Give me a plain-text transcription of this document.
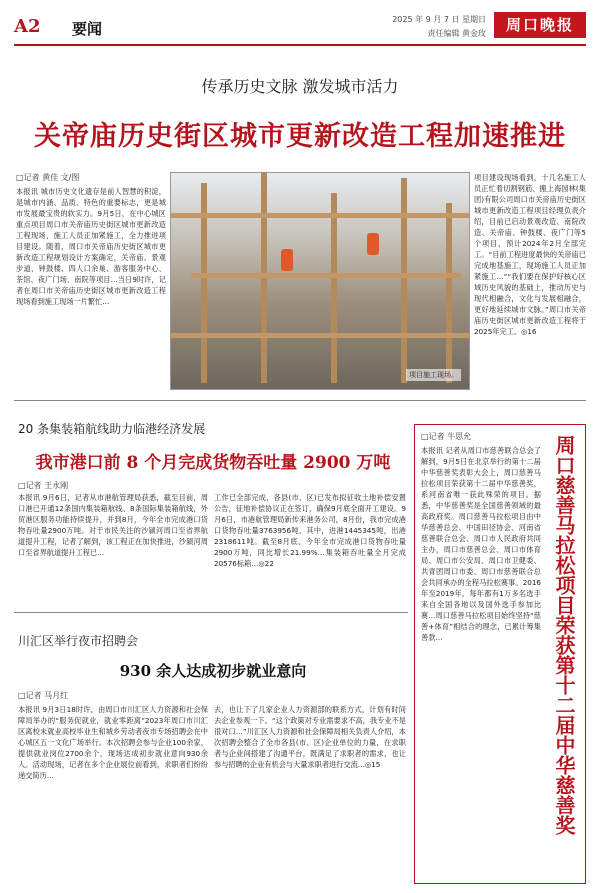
A2 要闻
2025 年 9 月 7 日 星期日
责任编辑 黄金玫	周口晚报
传承历史文脉 激发城市活力
关帝庙历史街区城市更新改造工程加速推进
□记者 黄佳 文/图
本报讯 城市历史文化遗存是前人智慧的积淀，是城市内涵、品质、特色的重要标志，更是城市发展最宝贵的软实力。9月5日，在中心城区重点项目周口市关帝庙历史街区城市更新改造工程现场，施工人员正加紧施工，全力推进项目建设。随着，周口市关帝庙历史街区城市更新改造工程规划设计方案确定，关帝庙、景观步道、钟鼓楼、四人口余巢、游客服务中心、茶馆、夜广门场、南院等项目…当日9时许，记者在周口市关帝庙历史街区城市更新改造工程现场看到施工现场一片繁忙…
项目施工现场。
项目建设现场看到，十几名施工人员正忙着切割钢筋、搬上海园林(集团)有限公司周口市关帝庙历史街区城市更新改造工程项目经理负责介绍，目前已启动景观改造、南院改造、关帝庙、钟鼓楼、夜广门等5个项目，预计2024年2月全部完工。“目前工程进度最快的关帝庙已完成地基施工，现场施工人员正加紧施工…”“我们要在保护好核心区域历史风貌的基础上，推动历史与现代相融合，文化与发展相融合，更好地延续城市文脉。”周口市关帝庙历史街区城市更新改造工程将于2025年完工。◎16
20 条集装箱航线助力临港经济发展
我市港口前 8 个月完成货物吞吐量 2900 万吨
□记者 王永刚
本报讯 9月6日，记者从市港航管理局获悉，截至目前，周口港已开通12条国内集装箱航线、8条国际集装箱航线，外贸港区服务功能持续提升，并到8月，今年全市完成港口货物吞吐量2900万吨。对于市民关注的沙颍河周口至省界航道提升工程，记者了解到，该工程正在加快推进，沙颍河周口至省界航道提升工程已…
工作已全部完成，各县(市、区)已发布拟征收土地补偿安置公告，征地补偿协议正在签订，确保9月底全面开工建设。9月6日，市港航管理局新传来港务公司，8月份，我市完成港口货物吞吐量3763956吨，其中，进港1445345吨，出港2318611吨。截至8月底，今年全市完成港口货物吞吐量2900万吨，同比增长21.99%…集装箱吞吐量全月完成20576标箱…◎22
川汇区举行夜市招聘会
930 余人达成初步就业意向
□记者 马月红
本报讯 9月3日18时许，由周口市川汇区人力资源和社会保障局举办的“服务促就业，就业零距离”2023年周口市川汇区离校未就业高校毕业生和城乡劳动者夜市专场招聘会在中心城区五一文化广场举行。本次招聘会参与企业100余家，提供就业岗位2700余个，现场达成初步就业意向930余人。活动现场，记者在多个企业展位前看到，求职者们纷纷递交简历…
去，也让下了几家企业人力资源部的联系方式，计划有时间去企业参观一下。“这个政策对专业需要求不高，我专业不是很对口…”川汇区人力资源和社会保障局相关负责人介绍，本次招聘会整合了全市各县(市、区)企业单位的力量，在求职者与企业间搭建了沟通平台，既满足了求职者的需求，也让参与招聘的企业有机会与大量求职者进行交流…◎15
□记者 牛思允
本报讯 记者从周口市慈善联合总会了解到，9月5日在北京举行的第十二届中华慈善奖表彰大会上，周口慈善马拉松项目荣获第十二届中华慈善奖，系河南省唯一获此殊荣的项目。据悉，中华慈善奖是全国慈善领域的最高政府奖。周口慈善马拉松项目由中华慈善总会、中国田径协会、河南省慈善联合总会、周口市人民政府共同主办，周口市慈善总会、周口市体育局、周口市公安局、周口市卫健委、共青团周口市委、周口市慈善联合总会共同承办的全程马拉松赛事。2016年至2019年，每年都有1万多名选手来自全国各地以及国外选手参加比赛…周口慈善马拉松项目始终坚持“慈善+体育”相结合的理念，已累计筹集善款…	周口慈善马拉松项目荣获第十二届中华慈善奖
